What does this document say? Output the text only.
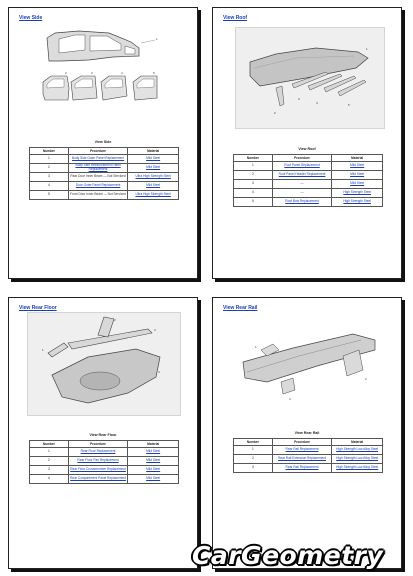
View Side
1
2	3	4	5
View Side
Number	Procedure	Material
1	Body Side Outer Panel Replacement	Mild Steel
2	Body Side Reinforcement Panel Replacement	Mild Steel
3	Rear Door Inner Beam — Not Serviced	Ultra High Strength Steel
4	Door Outer Panel Replacement	Mild Steel
5	Front Door Inner Beam — Not Serviced	Ultra High Strength Steel
View Roof
1
2
3
4	5
View Roof
Number	Procedure	Material
1	Roof Panel Replacement	Mild Steel
2	Roof Panel Header Replacement	Mild Steel
3	—	Mild Steel
4	—	High Strength Steel
5	Roof Bow Replacement	High Strength Steel
View Rear Floor
1
2
3
4
View Rear Floor
Number	Procedure	Material
1	Rear Floor Replacement	Mild Steel
2	Rear Floor Pan Replacement	Mild Steel
3	Rear Floor Crossmember Replacement	Mild Steel
4	Rear Compartment Panel Replacement	Mild Steel
View Rear Rail
1
2
3
View Rear Rail
Number	Procedure	Material
1	Rear Rail Replacement	High Strength Low Alloy Steel
2	Rear Rail Extension Replacement	High Strength Low Alloy Steel
3	Rear Rail Replacement	High Strength Low Alloy Steel
CarGeometry
